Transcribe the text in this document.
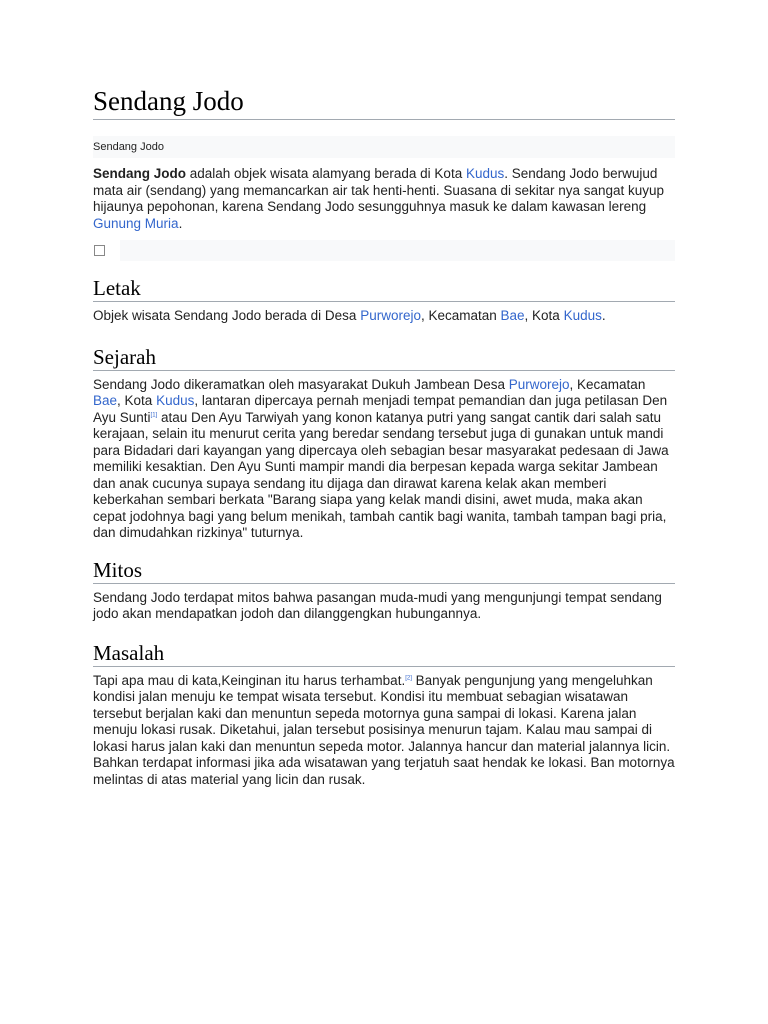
Sendang Jodo
Sendang Jodo

Sendang Jodo adalah objek wisata alamyang berada di Kota Kudus. Sendang Jodo berwujud mata air (sendang) yang memancarkan air tak henti-henti. Suasana di sekitar nya sangat kuyup hijaunya pepohonan, karena Sendang Jodo sesungguhnya masuk ke dalam kawasan lereng Gunung Muria.

Letak

Objek wisata Sendang Jodo berada di Desa Purworejo, Kecamatan Bae, Kota Kudus.

Sejarah

Sendang Jodo dikeramatkan oleh masyarakat Dukuh Jambean Desa Purworejo, Kecamatan Bae, Kota Kudus, lantaran dipercaya pernah menjadi tempat pemandian dan juga petilasan Den Ayu Sunti[1] atau Den Ayu Tarwiyah yang konon katanya putri yang sangat cantik dari salah satu kerajaan, selain itu menurut cerita yang beredar sendang tersebut juga di gunakan untuk mandi para Bidadari dari kayangan yang dipercaya oleh sebagian besar masyarakat pedesaan di Jawa memiliki kesaktian. Den Ayu Sunti mampir mandi dia berpesan kepada warga sekitar Jambean dan anak cucunya supaya sendang itu dijaga dan dirawat karena kelak akan memberi keberkahan sembari berkata "Barang siapa yang kelak mandi disini, awet muda, maka akan cepat jodohnya bagi yang belum menikah, tambah cantik bagi wanita, tambah tampan bagi pria, dan dimudahkan rizkinya" tuturnya.

Mitos

Sendang Jodo terdapat mitos bahwa pasangan muda-mudi yang mengunjungi tempat sendang jodo akan mendapatkan jodoh dan dilanggengkan hubungannya.

Masalah

Tapi apa mau di kata,Keinginan itu harus terhambat.[2] Banyak pengunjung yang mengeluhkan kondisi jalan menuju ke tempat wisata tersebut. Kondisi itu membuat sebagian wisatawan tersebut berjalan kaki dan menuntun sepeda motornya guna sampai di lokasi. Karena jalan menuju lokasi rusak. Diketahui, jalan tersebut posisinya menurun tajam. Kalau mau sampai di lokasi harus jalan kaki dan menuntun sepeda motor. Jalannya hancur dan material jalannya licin. Bahkan terdapat informasi jika ada wisatawan yang terjatuh saat hendak ke lokasi. Ban motornya melintas di atas material yang licin dan rusak.
